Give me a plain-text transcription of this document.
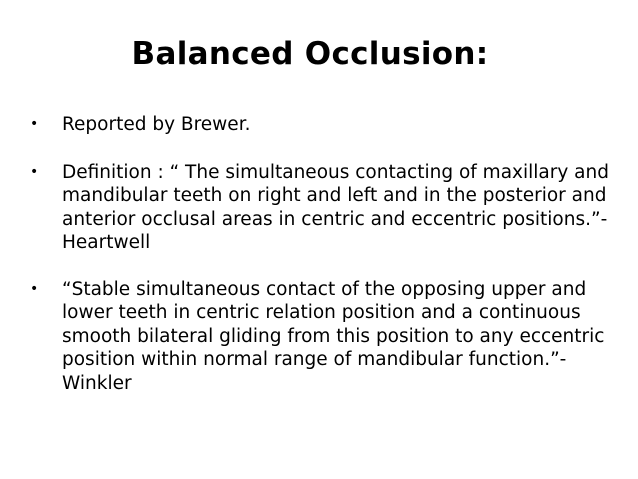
Balanced Occlusion:
• Reported by Brewer.
• Definition : “ The simultaneous contacting of maxillary and mandibular teeth on right and left and in the posterior and anterior occlusal areas in centric and eccentric positions.”- Heartwell
• “Stable simultaneous contact of the opposing upper and lower teeth in centric relation position and a continuous smooth bilateral gliding from this position to any eccentric position within normal range of mandibular function.”- Winkler
